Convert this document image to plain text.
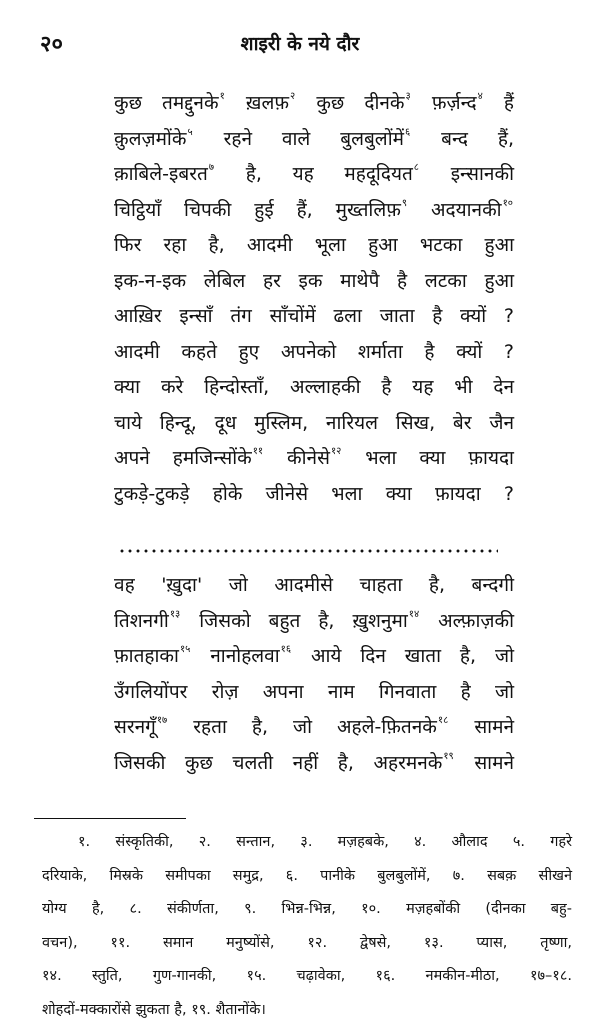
२०	शाइरी के नये दौर
कुछ तमद्दुनके$^१$ ख़लफ़$^२$ कुछ दीनके$^३$ फ़र्ज़न्द$^४$ हैं
क़ुलज़मोंके$^५$ रहने वाले बुलबुलोंमें$^६$ बन्द हैं,
क़ाबिले-इबरत$^७$ है, यह महदूदियत$^८$ इन्सानकी
चिट्ठियाँ चिपकी हुई हैं, मुख्तलिफ़$^९$ अदयानकी$^{१०}$
फिर रहा है, आदमी भूला हुआ भटका हुआ
इक-न-इक लेबिल हर इक माथेपै है लटका हुआ
आख़िर इन्साँ तंग साँचोंमें ढला जाता है क्यों ?
आदमी कहते हुए अपनेको शर्माता है क्यों ?
क्या करे हिन्दोस्ताँ, अल्लाहकी है यह भी देन
चाये हिन्दू, दूध मुस्लिम, नारियल सिख, बेर जैन
अपने हमजिन्सोंके$^{११}$ कीनेसे$^{१२}$ भला क्या फ़ायदा
टुकड़े-टुकड़े होके जीनेसे भला क्या फ़ायदा ?
वह 'ख़ुदा' जो आदमीसे चाहता है, बन्दगी
तिशनगी$^{१३}$ जिसको बहुत है, ख़ुशनुमा$^{१४}$ अल्फ़ाज़की
फ़ातहाका$^{१५}$ नानोहलवा$^{१६}$ आये दिन खाता है, जो
उँगलियोंपर रोज़ अपना नाम गिनवाता है जो
सरनगूँ$^{१७}$ रहता है, जो अहले-फ़ितनके$^{१८}$ सामने
जिसकी कुछ चलती नहीं है, अहरमनके$^{१९}$ सामने
१. संस्कृतिकी, २. सन्तान, ३. मज़हबके, ४. औलाद ५. गहरे
दरियाके, मिस्रके समीपका समुद्र, ६. पानीके बुलबुलोंमें, ७. सबक़ सीखने
योग्य है, ८. संकीर्णता, ९. भिन्न-भिन्न, १०. मज़हबोंकी (दीनका बहु-
वचन), ११. समान मनुष्योंसे, १२. द्वेषसे, १३. प्यास, तृष्णा,
१४. स्तुति, गुण-गानकी, १५. चढ़ावेका, १६. नमकीन-मीठा, १७–१८.
शोहदों-मक्कारोंसे झुकता है, १९. शैतानोंके।
